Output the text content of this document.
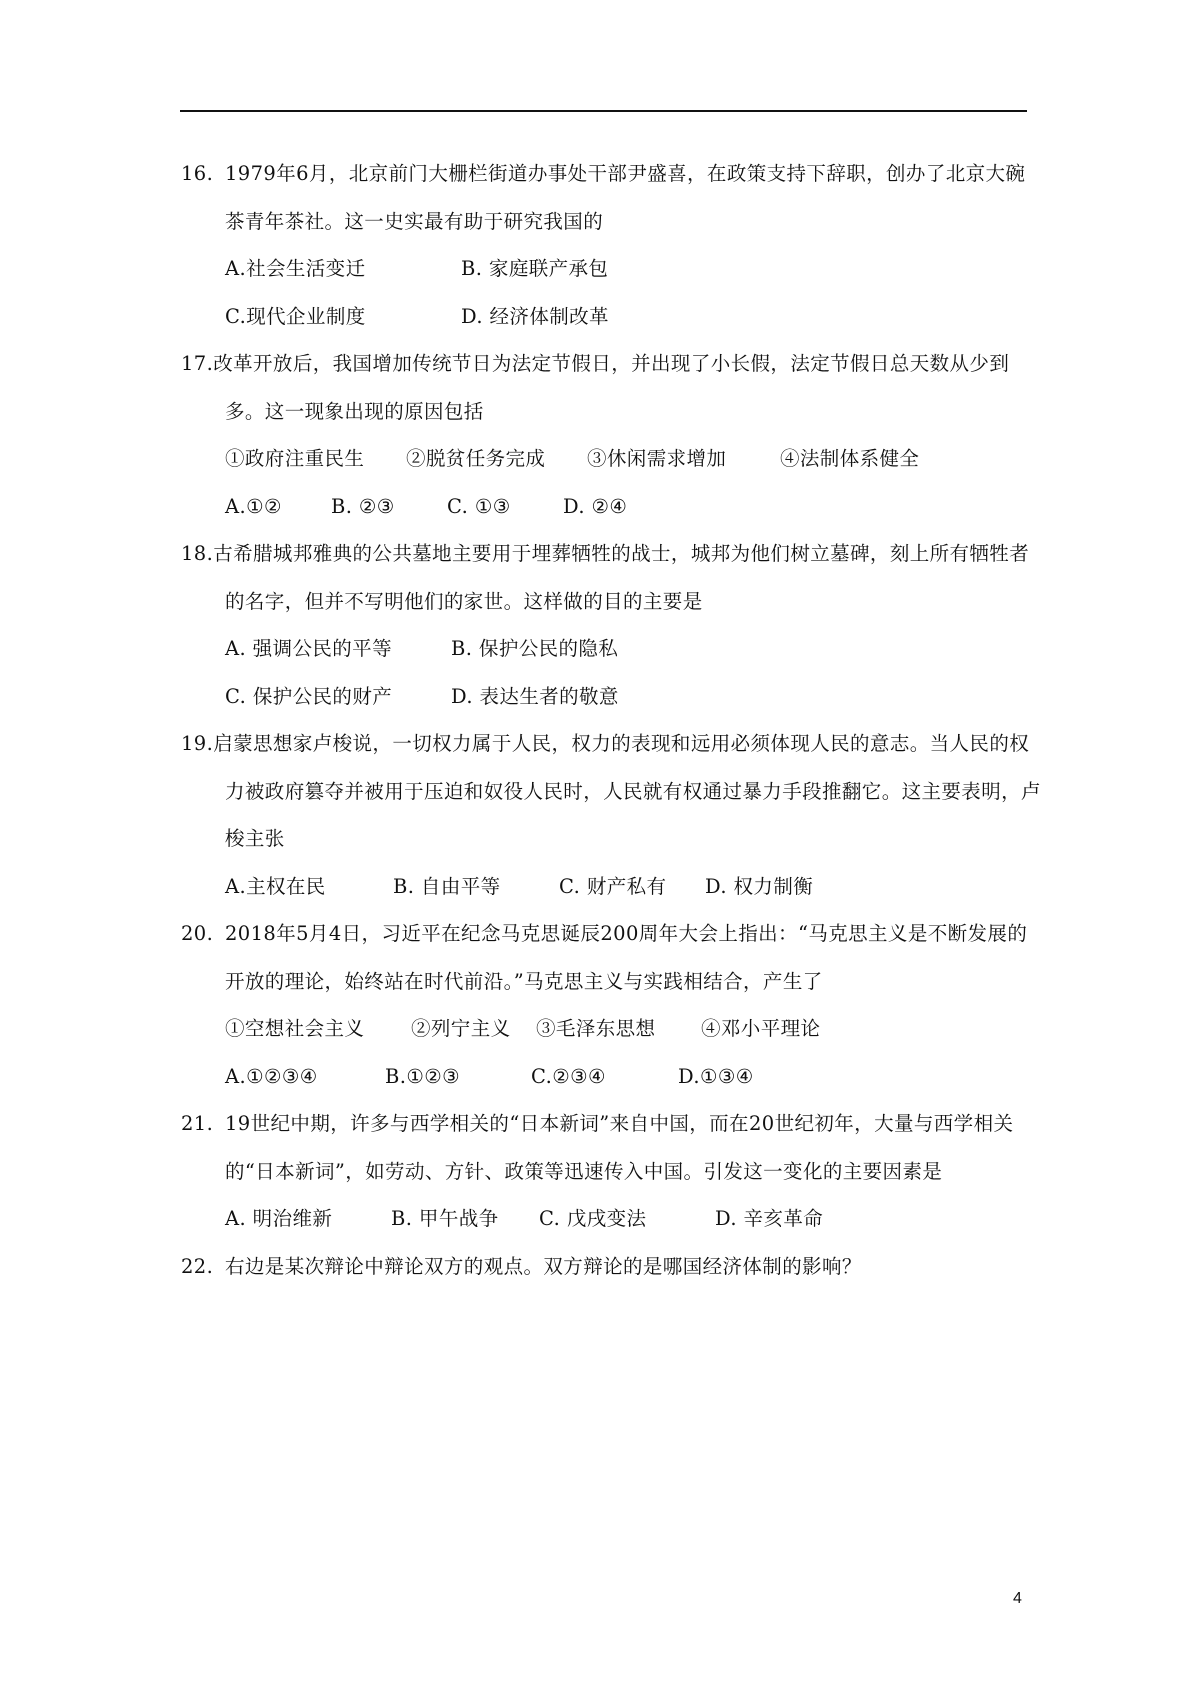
16. 1979年6月，北京前门大栅栏街道办事处干部尹盛喜，在政策支持下辞职，创办了北京大碗茶青年茶社。这一史实最有助于研究我国的
A.社会生活变迁	B. 家庭联产承包
C.现代企业制度	D. 经济体制改革
17.改革开放后，我国增加传统节日为法定节假日，并出现了小长假，法定节假日总天数从少到多。这一现象出现的原因包括
①政府注重民生 ②脱贫任务完成 ③休闲需求增加	④法制体系健全
A.①②	B. ②③	C. ①③	D. ②④
18.古希腊城邦雅典的公共墓地主要用于埋葬牺牲的战士，城邦为他们树立墓碑，刻上所有牺牲者的名字，但并不写明他们的家世。这样做的目的主要是
A. 强调公民的平等	B. 保护公民的隐私
C. 保护公民的财产	D. 表达生者的敬意
19.启蒙思想家卢梭说，一切权力属于人民，权力的表现和远用必须体现人民的意志。当人民的权力被政府篡夺并被用于压迫和奴役人民时，人民就有权通过暴力手段推翻它。这主要表明，卢梭主张
A.主权在民	B. 自由平等	C. 财产私有 D. 权力制衡
20. 2018年5月4日，习近平在纪念马克思诞辰200周年大会上指出：“马克思主义是不断发展的开放的理论，始终站在时代前沿。”马克思主义与实践相结合，产生了
①空想社会主义 ②列宁主义 ③毛泽东思想 ④邓小平理论
A.①②③④	B.①②③	C.②③④	D.①③④
21. 19世纪中期，许多与西学相关的“日本新词”来自中国，而在20世纪初年，大量与西学相关的“日本新词”，如劳动、方针、政策等迅速传入中国。引发这一变化的主要因素是
A. 明治维新	B. 甲午战争 C. 戊戌变法	D. 辛亥革命
22. 右边是某次辩论中辩论双方的观点。双方辩论的是哪国经济体制的影响？
4
